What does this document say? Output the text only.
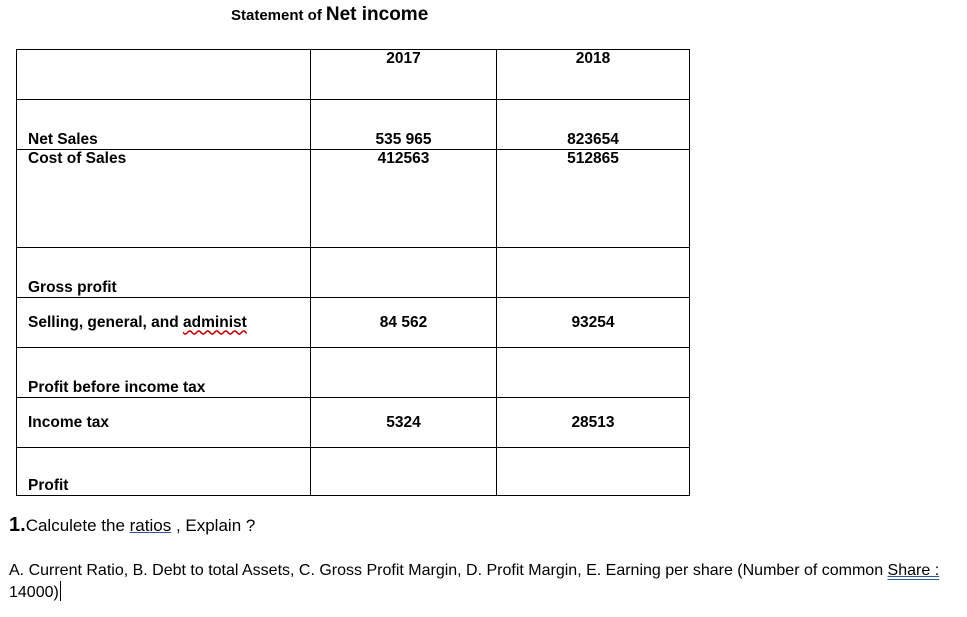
Statement of Net income
	2017	2018
Net Sales	535 965	823654
Cost of Sales	412563	512865
Gross profit		
Selling, general, and administ	84 562	93254
Profit before income tax		
Income tax	5324	28513
Profit		
1.Calculete the ratios , Explain ?
A. Current Ratio, B. Debt to total Assets, C. Gross Profit Margin, D. Profit Margin, E. Earning per share (Number of common Share : 14000)
